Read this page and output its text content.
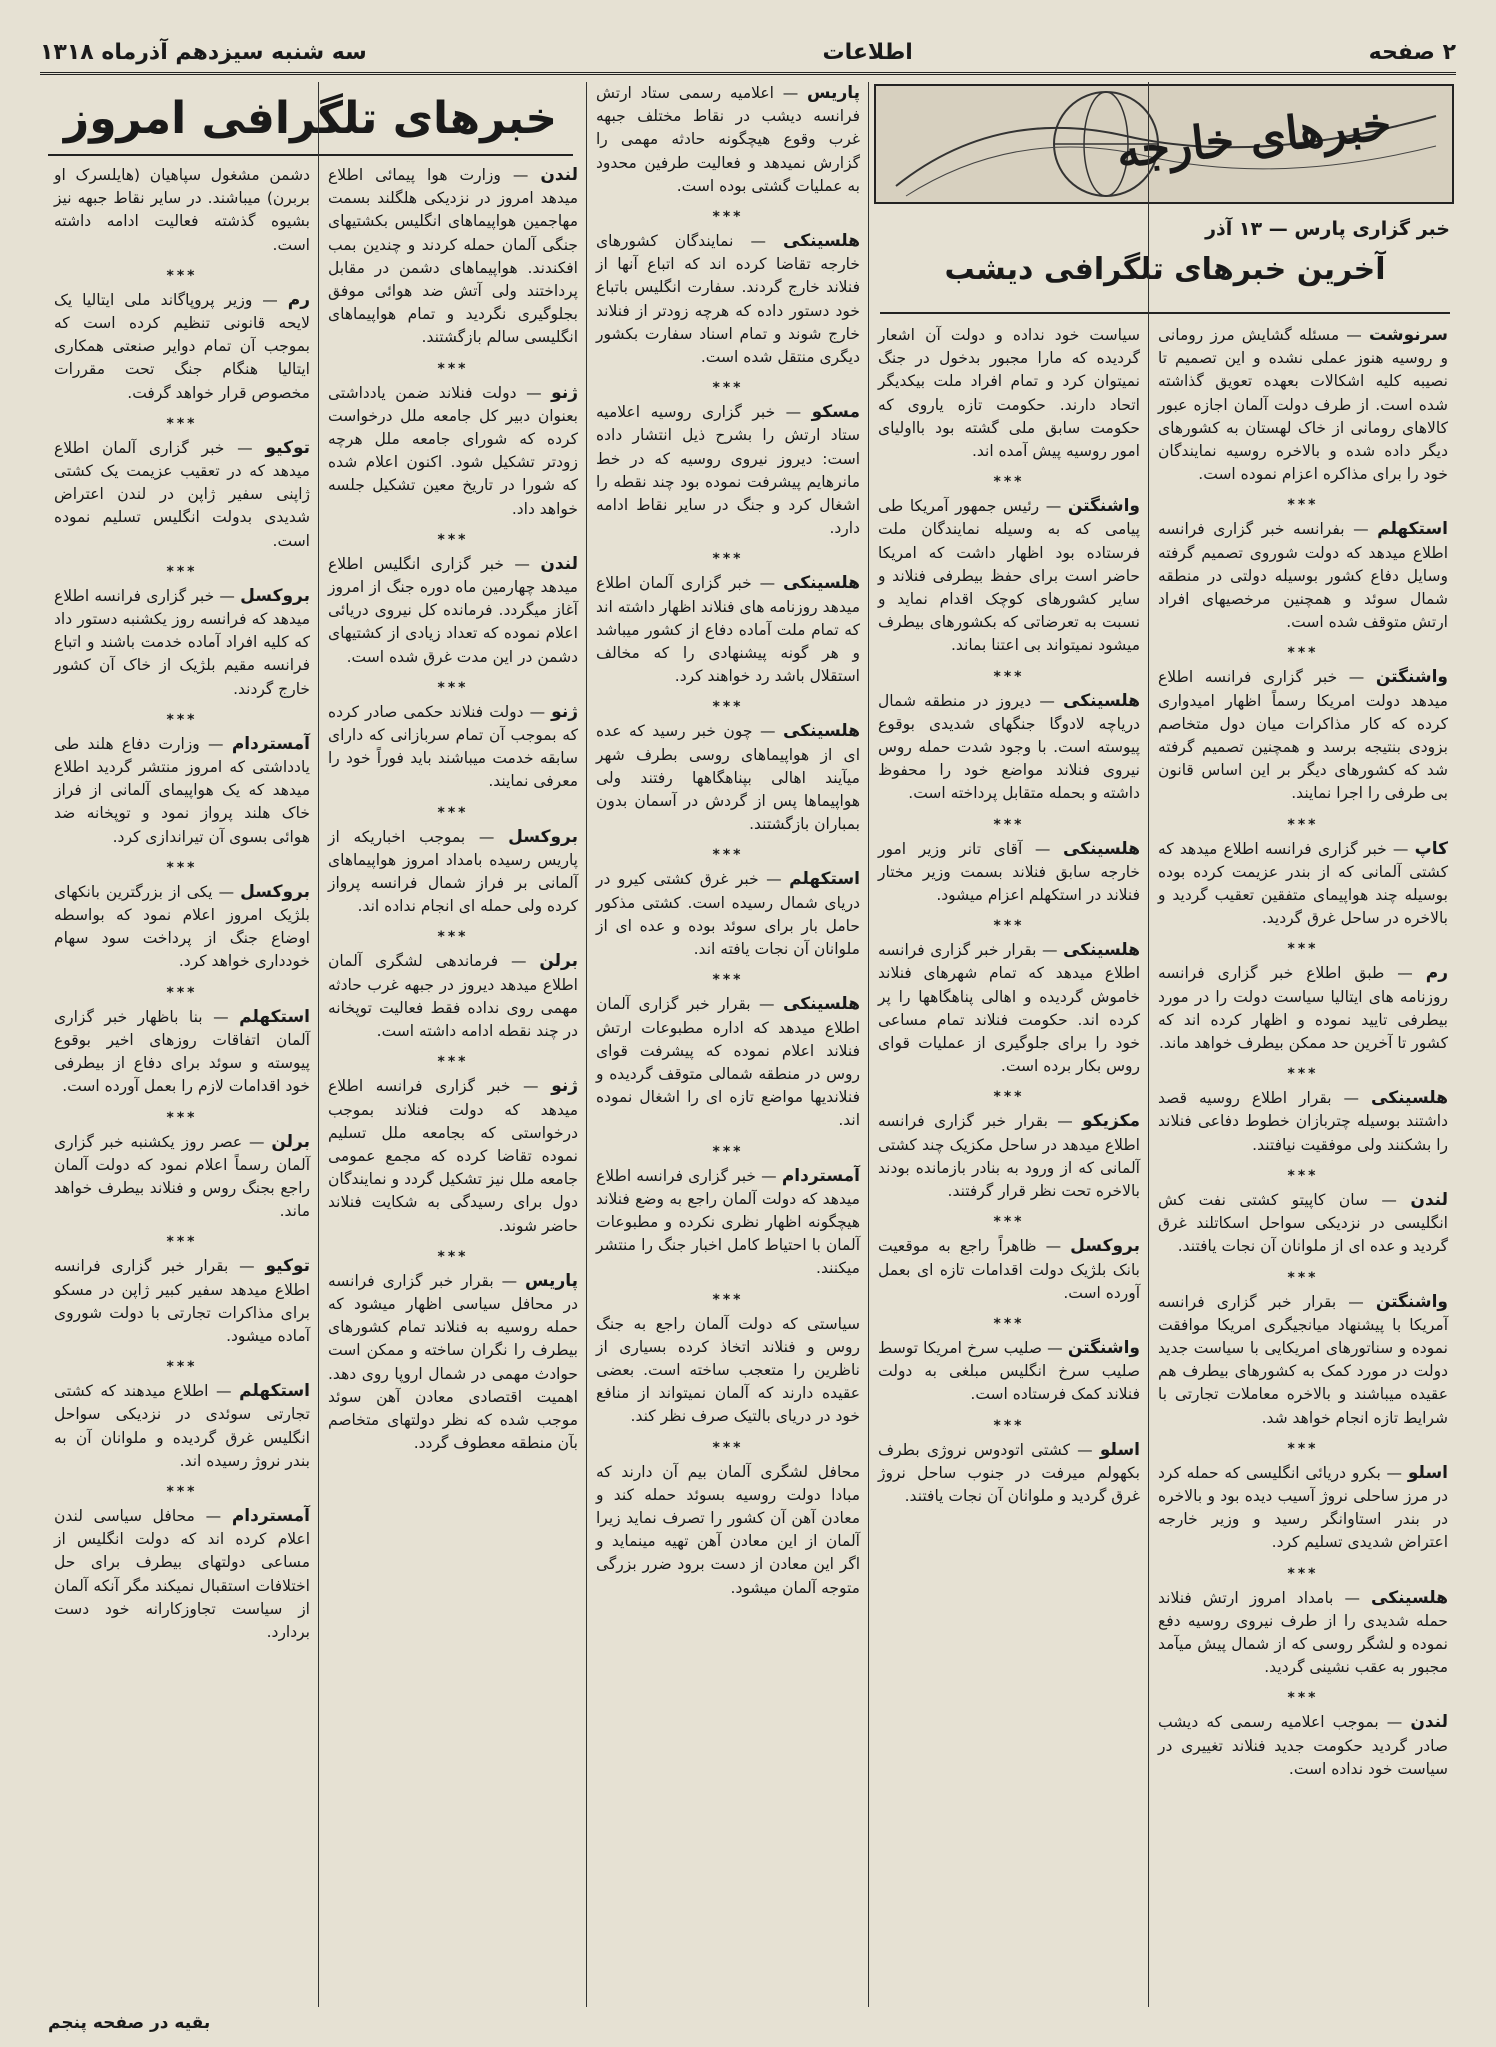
سه شنبه سیزدهم آذرماه ۱۳۱۸	اطلاعات	۲ صفحه
خبرهای تلگرافی امروز	خبرهای خارجه
خبر گزاری پارس — ۱۳ آذر
آخرین خبرهای تلگرافی دیشب
سرنوشت — مسئله گشایش مرز رومانی و روسیه هنوز عملی نشده و این تصمیم تا نصیبه کلیه اشکالات بعهده تعویق گذاشته شده است. از طرف دولت آلمان اجازه عبور کالاهای رومانی از خاک لهستان به کشورهای دیگر داده شده و بالاخره روسیه نمایندگان خود را برای مذاکره اعزام نموده است.
***
استکهلم — بفرانسه خبر گزاری فرانسه اطلاع میدهد که دولت شوروی تصمیم گرفته وسایل دفاع کشور بوسیله دولتی در منطقه شمال سوئد و همچنین مرخصیهای افراد ارتش متوقف شده است.
***
واشنگتن — خبر گزاری فرانسه اطلاع میدهد دولت امریکا رسماً اظهار امیدواری کرده که کار مذاکرات میان دول متخاصم بزودی بنتیجه برسد و همچنین تصمیم گرفته شد که کشورهای دیگر بر این اساس قانون بی طرفی را اجرا نمایند.
***
کاپ — خبر گزاری فرانسه اطلاع میدهد که کشتی آلمانی که از بندر عزیمت کرده بوده بوسیله چند هواپیمای متفقین تعقیب گردید و بالاخره در ساحل غرق گردید.
***
رم — طبق اطلاع خبر گزاری فرانسه روزنامه های ایتالیا سیاست دولت را در مورد بیطرفی تایید نموده و اظهار کرده اند که کشور تا آخرین حد ممکن بیطرف خواهد ماند.
***
هلسینکی — بقرار اطلاع روسیه قصد داشتند بوسیله چتربازان خطوط دفاعی فنلاند را بشکنند ولی موفقیت نیافتند.
***
لندن — سان کاپیتو کشتی نفت کش انگلیسی در نزدیکی سواحل اسکاتلند غرق گردید و عده ای از ملوانان آن نجات یافتند.
***
واشنگتن — بقرار خبر گزاری فرانسه آمریکا با پیشنهاد میانجیگری امریکا موافقت نموده و سناتورهای امریکایی با سیاست جدید دولت در مورد کمک به کشورهای بیطرف هم عقیده میباشند و بالاخره معاملات تجارتی با شرایط تازه انجام خواهد شد.
***
اسلو — بکرو دریائی انگلیسی که حمله کرد در مرز ساحلی نروژ آسیب دیده بود و بالاخره در بندر استاوانگر رسید و وزیر خارجه اعتراض شدیدی تسلیم کرد.
***
هلسینکی — بامداد امروز ارتش فنلاند حمله شدیدی را از طرف نیروی روسیه دفع نموده و لشگر روسی که از شمال پیش میآمد مجبور به عقب نشینی گردید.
***
لندن — بموجب اعلامیه رسمی که دیشب صادر گردید حکومت جدید فنلاند تغییری در سیاست خود نداده است.
سیاست خود نداده و دولت آن اشعار گردیده که مارا مجبور بدخول در جنگ نمیتوان کرد و تمام افراد ملت بیکدیگر اتحاد دارند. حکومت تازه یاروی که حکومت سابق ملی گشته بود بااولیای امور روسیه پیش آمده اند.
***
واشنگتن — رئیس جمهور آمریکا طی پیامی که به وسیله نمایندگان ملت فرستاده بود اظهار داشت که امریکا حاضر است برای حفظ بیطرفی فنلاند و سایر کشورهای کوچک اقدام نماید و نسبت به تعرضاتی که بکشورهای بیطرف میشود نمیتواند بی اعتنا بماند.
***
هلسینکی — دیروز در منطقه شمال دریاچه لادوگا جنگهای شدیدی بوقوع پیوسته است. با وجود شدت حمله روس نیروی فنلاند مواضع خود را محفوظ داشته و بحمله متقابل پرداخته است.
***
هلسینکی — آقای تانر وزیر امور خارجه سابق فنلاند بسمت وزیر مختار فنلاند در استکهلم اعزام میشود.
***
هلسینکی — بقرار خبر گزاری فرانسه اطلاع میدهد که تمام شهرهای فنلاند خاموش گردیده و اهالی پناهگاهها را پر کرده اند. حکومت فنلاند تمام مساعی خود را برای جلوگیری از عملیات قوای روس بکار برده است.
***
مکزیکو — بقرار خبر گزاری فرانسه اطلاع میدهد در ساحل مکزیک چند کشتی آلمانی که از ورود به بنادر بازمانده بودند بالاخره تحت نظر قرار گرفتند.
***
بروکسل — ظاهراً راجع به موقعیت بانک بلژیک دولت اقدامات تازه ای بعمل آورده است.
***
واشنگتن — صلیب سرخ امریکا توسط صلیب سرخ انگلیس مبلغی به دولت فنلاند کمک فرستاده است.
***
اسلو — کشتی اتودوس نروژی بطرف بکهولم میرفت در جنوب ساحل نروژ غرق گردید و ملوانان آن نجات یافتند.
پاریس — اعلامیه رسمی ستاد ارتش فرانسه دیشب در نقاط مختلف جبهه غرب وقوع هیچگونه حادثه مهمی را گزارش نمیدهد و فعالیت طرفین محدود به عملیات گشتی بوده است.
***
هلسینکی — نمایندگان کشورهای خارجه تقاضا کرده اند که اتباع آنها از فنلاند خارج گردند. سفارت انگلیس باتباع خود دستور داده که هرچه زودتر از فنلاند خارج شوند و تمام اسناد سفارت بکشور دیگری منتقل شده است.
***
مسکو — خبر گزاری روسیه اعلامیه ستاد ارتش را بشرح ذیل انتشار داده است: دیروز نیروی روسیه که در خط مانرهایم پیشرفت نموده بود چند نقطه را اشغال کرد و جنگ در سایر نقاط ادامه دارد.
***
هلسینکی — خبر گزاری آلمان اطلاع میدهد روزنامه های فنلاند اظهار داشته اند که تمام ملت آماده دفاع از کشور میباشد و هر گونه پیشنهادی را که مخالف استقلال باشد رد خواهند کرد.
***
هلسینکی — چون خبر رسید که عده ای از هواپیماهای روسی بطرف شهر میآیند اهالی بپناهگاهها رفتند ولی هواپیماها پس از گردش در آسمان بدون بمباران بازگشتند.
***
استکهلم — خبر غرق کشتی کیرو در دریای شمال رسیده است. کشتی مذکور حامل بار برای سوئد بوده و عده ای از ملوانان آن نجات یافته اند.
***
هلسینکی — بقرار خبر گزاری آلمان اطلاع میدهد که اداره مطبوعات ارتش فنلاند اعلام نموده که پیشرفت قوای روس در منطقه شمالی متوقف گردیده و فنلاندیها مواضع تازه ای را اشغال نموده اند.
***
آمستردام — خبر گزاری فرانسه اطلاع میدهد که دولت آلمان راجع به وضع فنلاند هیچگونه اظهار نظری نکرده و مطبوعات آلمان با احتیاط کامل اخبار جنگ را منتشر میکنند.
***
سیاستی که دولت آلمان راجع به جنگ روس و فنلاند اتخاذ کرده بسیاری از ناظرین را متعجب ساخته است. بعضی عقیده دارند که آلمان نمیتواند از منافع خود در دریای بالتیک صرف نظر کند.
***
محافل لشگری آلمان بیم آن دارند که مبادا دولت روسیه بسوئد حمله کند و معادن آهن آن کشور را تصرف نماید زیرا آلمان از این معادن آهن تهیه مینماید و اگر این معادن از دست برود ضرر بزرگی متوجه آلمان میشود.
لندن — وزارت هوا پیمائی اطلاع میدهد امروز در نزدیکی هلگلند بسمت مهاجمین هواپیماهای انگلیس بکشتیهای جنگی آلمان حمله کردند و چندین بمب افکندند. هواپیماهای دشمن در مقابل پرداختند ولی آتش ضد هوائی موفق بجلوگیری نگردید و تمام هواپیماهای انگلیسی سالم بازگشتند.
***
ژنو — دولت فنلاند ضمن یادداشتی بعنوان دبیر کل جامعه ملل درخواست کرده که شورای جامعه ملل هرچه زودتر تشکیل شود. اکنون اعلام شده که شورا در تاریخ معین تشکیل جلسه خواهد داد.
***
لندن — خبر گزاری انگلیس اطلاع میدهد چهارمین ماه دوره جنگ از امروز آغاز میگردد. فرمانده کل نیروی دریائی اعلام نموده که تعداد زیادی از کشتیهای دشمن در این مدت غرق شده است.
***
ژنو — دولت فنلاند حکمی صادر کرده که بموجب آن تمام سربازانی که دارای سابقه خدمت میباشند باید فوراً خود را معرفی نمایند.
***
بروکسل — بموجب اخباریکه از پاریس رسیده بامداد امروز هواپیماهای آلمانی بر فراز شمال فرانسه پرواز کرده ولی حمله ای انجام نداده اند.
***
برلن — فرماندهی لشگری آلمان اطلاع میدهد دیروز در جبهه غرب حادثه مهمی روی نداده فقط فعالیت توپخانه در چند نقطه ادامه داشته است.
***
ژنو — خبر گزاری فرانسه اطلاع میدهد که دولت فنلاند بموجب درخواستی که بجامعه ملل تسلیم نموده تقاضا کرده که مجمع عمومی جامعه ملل نیز تشکیل گردد و نمایندگان دول برای رسیدگی به شکایت فنلاند حاضر شوند.
***
پاریس — بقرار خبر گزاری فرانسه در محافل سیاسی اظهار میشود که حمله روسیه به فنلاند تمام کشورهای بیطرف را نگران ساخته و ممکن است حوادث مهمی در شمال اروپا روی دهد. اهمیت اقتصادی معادن آهن سوئد موجب شده که نظر دولتهای متخاصم بآن منطقه معطوف گردد.
دشمن مشغول سپاهیان (هایلسرک او بربرن) میباشند. در سایر نقاط جبهه نیز بشیوه گذشته فعالیت ادامه داشته است.
***
رم — وزیر پروپاگاند ملی ایتالیا یک لایحه قانونی تنظیم کرده است که بموجب آن تمام دوایر صنعتی همکاری ایتالیا هنگام جنگ تحت مقررات مخصوص قرار خواهد گرفت.
***
توکیو — خبر گزاری آلمان اطلاع میدهد که در تعقیب عزیمت یک کشتی ژاپنی سفیر ژاپن در لندن اعتراض شدیدی بدولت انگلیس تسلیم نموده است.
***
بروکسل — خبر گزاری فرانسه اطلاع میدهد که فرانسه روز یکشنبه دستور داد که کلیه افراد آماده خدمت باشند و اتباع فرانسه مقیم بلژیک از خاک آن کشور خارج گردند.
***
آمستردام — وزارت دفاع هلند طی یادداشتی که امروز منتشر گردید اطلاع میدهد که یک هواپیمای آلمانی از فراز خاک هلند پرواز نمود و توپخانه ضد هوائی بسوی آن تیراندازی کرد.
***
بروکسل — یکی از بزرگترین بانکهای بلژیک امروز اعلام نمود که بواسطه اوضاع جنگ از پرداخت سود سهام خودداری خواهد کرد.
***
استکهلم — بنا باظهار خبر گزاری آلمان اتفاقات روزهای اخیر بوقوع پیوسته و سوئد برای دفاع از بیطرفی خود اقدامات لازم را بعمل آورده است.
***
برلن — عصر روز یکشنبه خبر گزاری آلمان رسماً اعلام نمود که دولت آلمان راجع بجنگ روس و فنلاند بیطرف خواهد ماند.
***
توکیو — بقرار خبر گزاری فرانسه اطلاع میدهد سفیر کبیر ژاپن در مسکو برای مذاکرات تجارتی با دولت شوروی آماده میشود.
***
استکهلم — اطلاع میدهند که کشتی تجارتی سوئدی در نزدیکی سواحل انگلیس غرق گردیده و ملوانان آن به بندر نروژ رسیده اند.
***
آمستردام — محافل سیاسی لندن اعلام کرده اند که دولت انگلیس از مساعی دولتهای بیطرف برای حل اختلافات استقبال نمیکند مگر آنکه آلمان از سیاست تجاوزکارانه خود دست بردارد.
بقیه در صفحه پنجم
